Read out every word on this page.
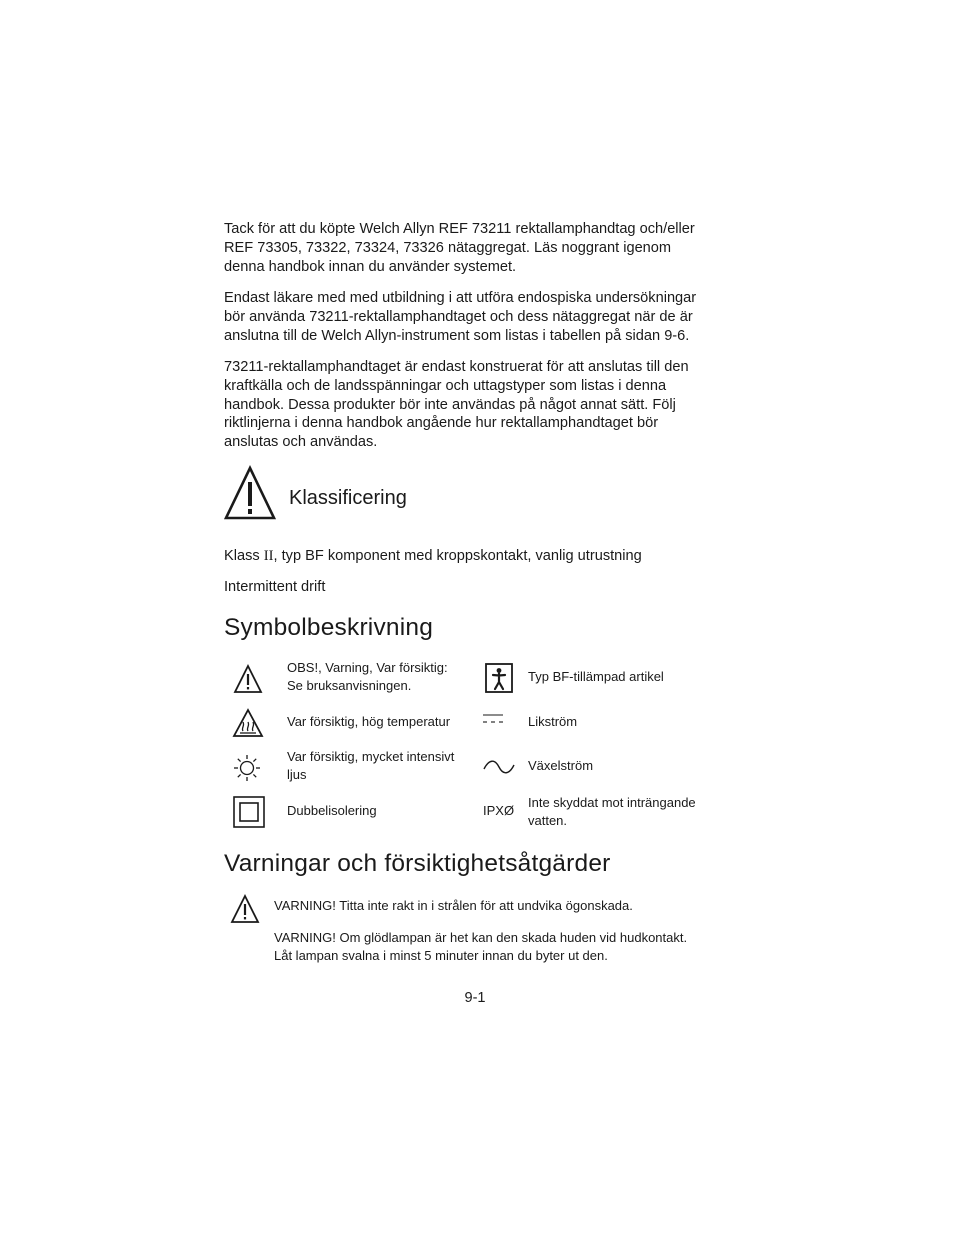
Tack för att du köpte Welch Allyn REF 73211 rektallamphandtag och/eller
REF 73305, 73322, 73324, 73326 nätaggregat. Läs noggrant igenom
denna handbok innan du använder systemet.

Endast läkare med med utbildning i att utföra endospiska undersökningar
bör använda 73211-rektallamphandtaget och dess nätaggregat när de är
anslutna till de Welch Allyn-instrument som listas i tabellen på sidan 9-6.

73211-rektallamphandtaget är endast konstruerat för att anslutas till den
kraftkälla och de landsspänningar och uttagstyper som listas i denna
handbok. Dessa produkter bör inte användas på något annat sätt. Följ
riktlinjerna i denna handbok angående hur rektallamphandtaget bör
anslutas och användas.

Klassificering

Klass II, typ BF komponent med kroppskontakt, vanlig utrustning

Intermittent drift

Symbolbeskrivning

OBS!, Varning, Var försiktig:
Se bruksanvisningen.

Typ BF-tillämpad artikel

Var försiktig, hög temperatur	Likström

Var försiktig, mycket intensivt
ljus

Växelström

Dubbelisolering	IPXØ

Inte skyddat mot inträngande
vatten.

Varningar och försiktighetsåtgärder

VARNING! Titta inte rakt in i strålen för att undvika ögonskada.

VARNING! Om glödlampan är het kan den skada huden vid hudkontakt.
Låt lampan svalna i minst 5 minuter innan du byter ut den.

9-1
